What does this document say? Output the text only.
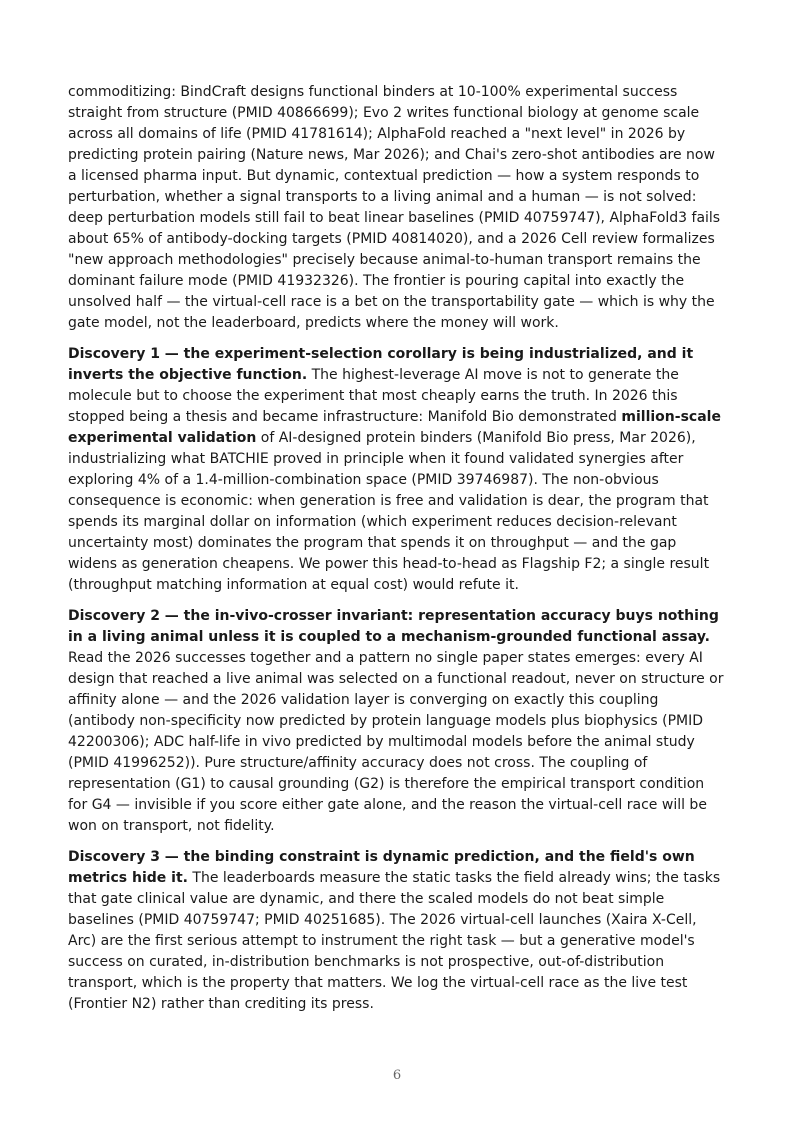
commoditizing: BindCraft designs functional binders at 10-100% experimental success straight from structure (PMID 40866699); Evo 2 writes functional biology at genome scale across all domains of life (PMID 41781614); AlphaFold reached a "next level" in 2026 by predicting protein pairing (Nature news, Mar 2026); and Chai's zero-shot antibodies are now a licensed pharma input. But dynamic, contextual prediction — how a system responds to perturbation, whether a signal transports to a living animal and a human — is not solved: deep perturbation models still fail to beat linear baselines (PMID 40759747), AlphaFold3 fails about 65% of antibody-docking targets (PMID 40814020), and a 2026 Cell review formalizes "new approach methodologies" precisely because animal-to-human transport remains the dominant failure mode (PMID 41932326). The frontier is pouring capital into exactly the unsolved half — the virtual-cell race is a bet on the transportability gate — which is why the gate model, not the leaderboard, predicts where the money will work.

Discovery 1 — the experiment-selection corollary is being industrialized, and it inverts the objective function. The highest-leverage AI move is not to generate the molecule but to choose the experiment that most cheaply earns the truth. In 2026 this stopped being a thesis and became infrastructure: Manifold Bio demonstrated million-scale experimental validation of AI-designed protein binders (Manifold Bio press, Mar 2026), industrializing what BATCHIE proved in principle when it found validated synergies after exploring 4% of a 1.4-million-combination space (PMID 39746987). The non-obvious consequence is economic: when generation is free and validation is dear, the program that spends its marginal dollar on information (which experiment reduces decision-relevant uncertainty most) dominates the program that spends it on throughput — and the gap widens as generation cheapens. We power this head-to-head as Flagship F2; a single result (throughput matching information at equal cost) would refute it.

Discovery 2 — the in-vivo-crosser invariant: representation accuracy buys nothing in a living animal unless it is coupled to a mechanism-grounded functional assay. Read the 2026 successes together and a pattern no single paper states emerges: every AI design that reached a live animal was selected on a functional readout, never on structure or affinity alone — and the 2026 validation layer is converging on exactly this coupling (antibody non-specificity now predicted by protein language models plus biophysics (PMID 42200306); ADC half-life in vivo predicted by multimodal models before the animal study (PMID 41996252)). Pure structure/affinity accuracy does not cross. The coupling of representation (G1) to causal grounding (G2) is therefore the empirical transport condition for G4 — invisible if you score either gate alone, and the reason the virtual-cell race will be won on transport, not fidelity.

Discovery 3 — the binding constraint is dynamic prediction, and the field's own metrics hide it. The leaderboards measure the static tasks the field already wins; the tasks that gate clinical value are dynamic, and there the scaled models do not beat simple baselines (PMID 40759747; PMID 40251685). The 2026 virtual-cell launches (Xaira X-Cell, Arc) are the first serious attempt to instrument the right task — but a generative model's success on curated, in-distribution benchmarks is not prospective, out-of-distribution transport, which is the property that matters. We log the virtual-cell race as the live test (Frontier N2) rather than crediting its press.

6
